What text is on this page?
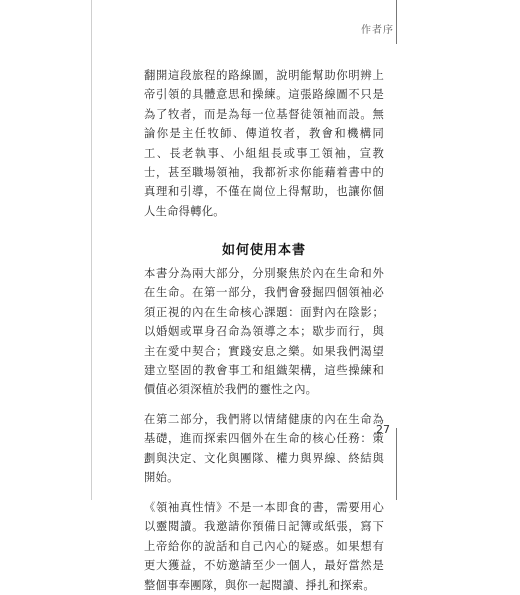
作者序
翻開這段旅程的路線圖，說明能幫助你明辨上帝引領的具體意思和操練。這張路線圖不只是為了牧者，而是為每一位基督徒領袖而設。無論你是主任牧師、傳道牧者，教會和機構同工、長老執事、小組組長或事工領袖，宣教士，甚至職場領袖，我都祈求你能藉着書中的真理和引導，不僅在崗位上得幫助，也讓你個人生命得轉化。
如何使用本書
本書分為兩大部分，分別聚焦於內在生命和外在生命。在第一部分，我們會發掘四個領袖必須正視的內在生命核心課題：面對內在陰影；以婚姻或單身召命為領導之本；歇步而行，與主在愛中契合；實踐安息之樂。如果我們渴望建立堅固的教會事工和組織架構，這些操練和價值必須深植於我們的靈性之內。
在第二部分，我們將以情緒健康的內在生命為基礎，進而探索四個外在生命的核心任務：策劃與決定、文化與團隊、權力與界線、終結與開始。
《領袖真性情》不是一本即食的書，需要用心以靈閱讀。我邀請你預備日記簿或紙張，寫下上帝給你的說話和自己內心的疑惑。如果想有更大獲益，不妨邀請至少一個人，最好當然是整個事奉團隊，與你一起閱讀、掙扎和探索。
27
